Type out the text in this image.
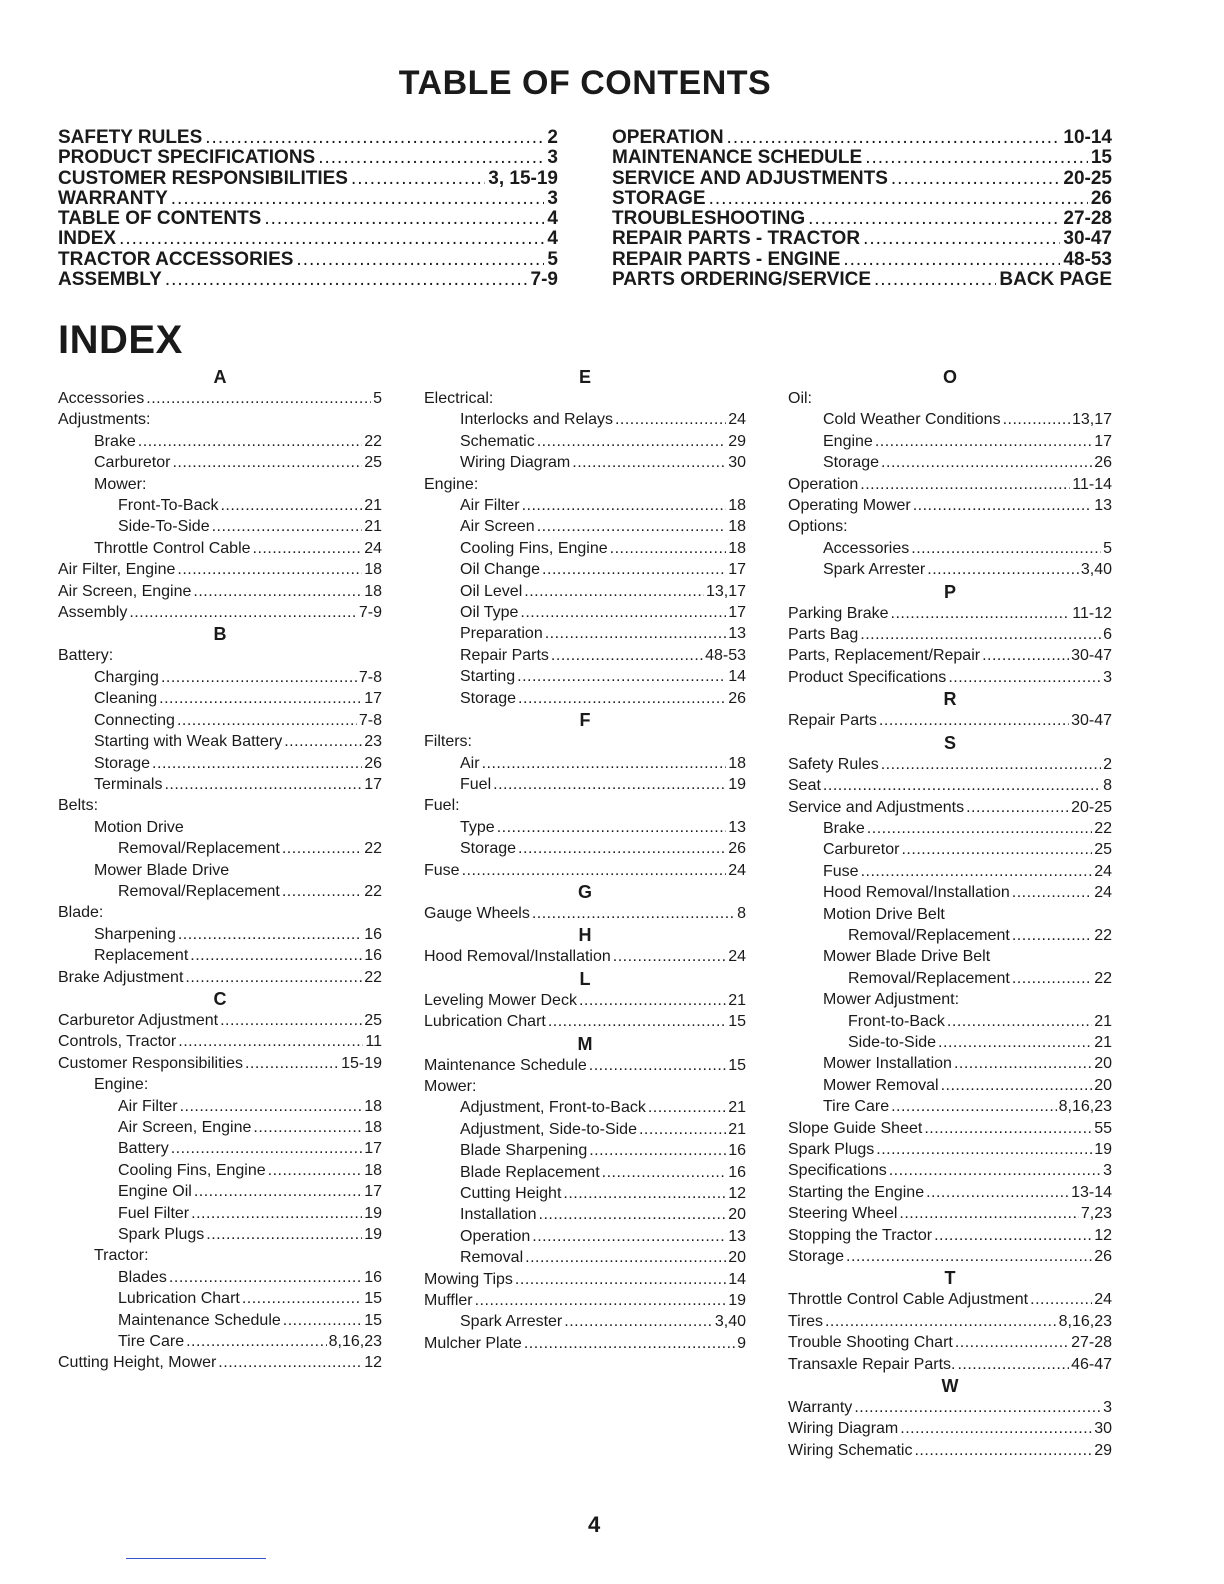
TABLE OF CONTENTS
SAFETY RULES .....	2
PRODUCT SPECIFICATIONS .....	3
CUSTOMER RESPONSIBILITIES .....	3, 15-19
WARRANTY .....	3
TABLE OF CONTENTS .....	4
INDEX .....	4
TRACTOR ACCESSORIES .....	5
ASSEMBLY .....	7-9
OPERATION .....	10-14
MAINTENANCE SCHEDULE .....	15
SERVICE AND ADJUSTMENTS .....	20-25
STORAGE .....	26
TROUBLESHOOTING .....	27-28
REPAIR PARTS - TRACTOR .....	30-47
REPAIR PARTS - ENGINE .....	48-53
PARTS ORDERING/SERVICE .....	BACK PAGE
INDEX
A
Accessories .....	5
Adjustments:
Brake .....	22
Carburetor .....	25
Mower:
Front-To-Back .....	21
Side-To-Side .....	21
Throttle Control Cable .....	24
Air Filter, Engine .....	18
Air Screen, Engine .....	18
Assembly .....	7-9
B
Battery:
Charging .....	7-8
Cleaning .....	17
Connecting .....	7-8
Starting with Weak Battery .....	23
Storage .....	26
Terminals .....	17
Belts:
Motion Drive
Removal/Replacement .....	22
Mower Blade Drive
Removal/Replacement .....	22
Blade:
Sharpening .....	16
Replacement .....	16
Brake Adjustment .....	22
C
Carburetor Adjustment .....	25
Controls, Tractor .....	11
Customer Responsibilities .....	15-19
Engine:
Air Filter .....	18
Air Screen, Engine .....	18
Battery .....	17
Cooling Fins, Engine .....	18
Engine Oil .....	17
Fuel Filter .....	19
Spark Plugs .....	19
Tractor:
Blades .....	16
Lubrication Chart .....	15
Maintenance Schedule .....	15
Tire Care .....	8,16,23
Cutting Height, Mower .....	12
E
Electrical:
Interlocks and Relays .....	24
Schematic .....	29
Wiring Diagram .....	30
Engine:
Air Filter .....	18
Air Screen .....	18
Cooling Fins, Engine .....	18
Oil Change .....	17
Oil Level .....	13,17
Oil Type .....	17
Preparation .....	13
Repair Parts .....	48-53
Starting .....	14
Storage .....	26
F
Filters:
Air .....	18
Fuel .....	19
Fuel:
Type .....	13
Storage .....	26
Fuse .....	24
G
Gauge Wheels .....	8
H
Hood Removal/Installation .....	24
L
Leveling Mower Deck .....	21
Lubrication Chart .....	15
M
Maintenance Schedule .....	15
Mower:
Adjustment, Front-to-Back .....	21
Adjustment, Side-to-Side .....	21
Blade Sharpening .....	16
Blade Replacement .....	16
Cutting Height .....	12
Installation .....	20
Operation .....	13
Removal .....	20
Mowing Tips .....	14
Muffler .....	19
Spark Arrester .....	3,40
Mulcher Plate .....	9
O
Oil:
Cold Weather Conditions .....	13,17
Engine .....	17
Storage .....	26
Operation .....	11-14
Operating Mower .....	13
Options:
Accessories .....	5
Spark Arrester .....	3,40
P
Parking Brake .....	11-12
Parts Bag .....	6
Parts, Replacement/Repair .....	30-47
Product Specifications .....	3
R
Repair Parts .....	30-47
S
Safety Rules .....	2
Seat .....	8
Service and Adjustments .....	20-25
Brake .....	22
Carburetor .....	25
Fuse .....	24
Hood Removal/Installation .....	24
Motion Drive Belt
Removal/Replacement .....	22
Mower Blade Drive Belt
Removal/Replacement .....	22
Mower Adjustment:
Front-to-Back .....	21
Side-to-Side .....	21
Mower Installation .....	20
Mower Removal .....	20
Tire Care .....	8,16,23
Slope Guide Sheet .....	55
Spark Plugs .....	19
Specifications .....	3
Starting the Engine .....	13-14
Steering Wheel .....	7,23
Stopping the Tractor .....	12
Storage .....	26
T
Throttle Control Cable Adjustment .....	24
Tires .....	8,16,23
Trouble Shooting Chart .....	27-28
Transaxle Repair Parts. .....	46-47
W
Warranty .....	3
Wiring Diagram .....	30
Wiring Schematic .....	29
4
